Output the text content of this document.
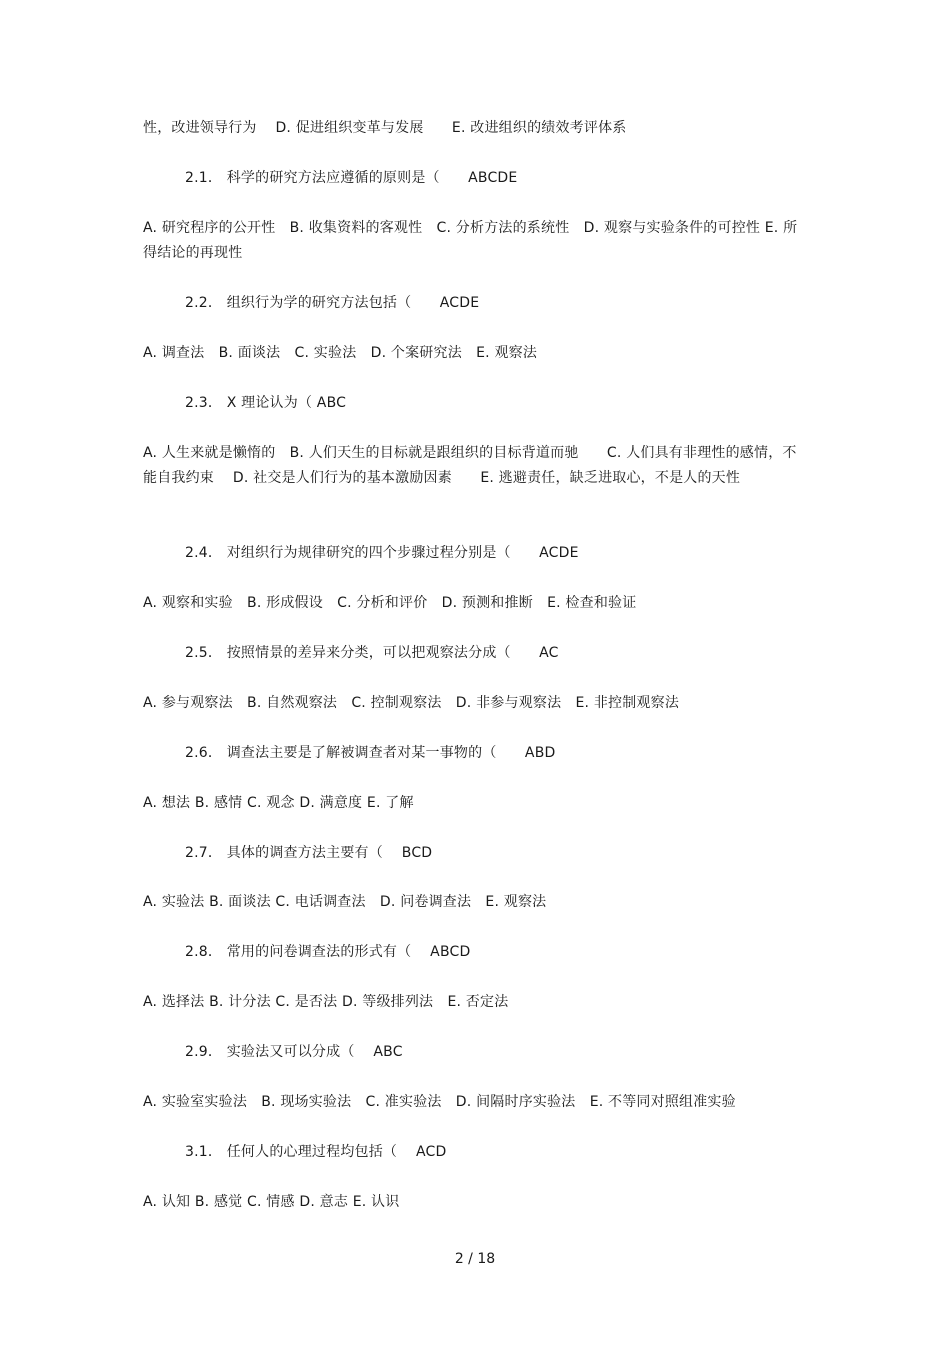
性，改进领导行为　 D. 促进组织变革与发展　　E. 改进组织的绩效考评体系
2.1． 科学的研究方法应遵循的原则是（　　ABCDE
A. 研究程序的公开性　B. 收集资料的客观性　C. 分析方法的系统性　D. 观察与实验条件的可控性 E. 所得结论的再现性
2.2． 组织行为学的研究方法包括（　　ACDE
A. 调查法　B. 面谈法　C. 实验法　D. 个案研究法　E. 观察法
2.3． X 理论认为（ ABC
A. 人生来就是懒惰的　B. 人们天生的目标就是跟组织的目标背道而驰　　C. 人们具有非理性的感情，不能自我约束　 D. 社交是人们行为的基本激励因素　　E. 逃避责任，缺乏进取心，不是人的天性
2.4． 对组织行为规律研究的四个步骤过程分别是（　　ACDE
A. 观察和实验　B. 形成假设　C. 分析和评价　D. 预测和推断　E. 检查和验证
2.5． 按照情景的差异来分类，可以把观察法分成（　　AC
A. 参与观察法　B. 自然观察法　C. 控制观察法　D. 非参与观察法　E. 非控制观察法
2.6． 调查法主要是了解被调查者对某一事物的（　　ABD
A. 想法 B. 感情 C. 观念 D. 满意度 E. 了解
2.7． 具体的调查方法主要有（　 BCD
A. 实验法 B. 面谈法 C. 电话调查法　D. 问卷调查法　E. 观察法
2.8． 常用的问卷调查法的形式有（　 ABCD
A. 选择法 B. 计分法 C. 是否法 D. 等级排列法　E. 否定法
2.9． 实验法又可以分成（　 ABC
A. 实验室实验法　B. 现场实验法　C. 准实验法　D. 间隔时序实验法　E. 不等同对照组准实验
3.1． 任何人的心理过程均包括（　 ACD
A. 认知 B. 感觉 C. 情感 D. 意志 E. 认识
2 / 18
